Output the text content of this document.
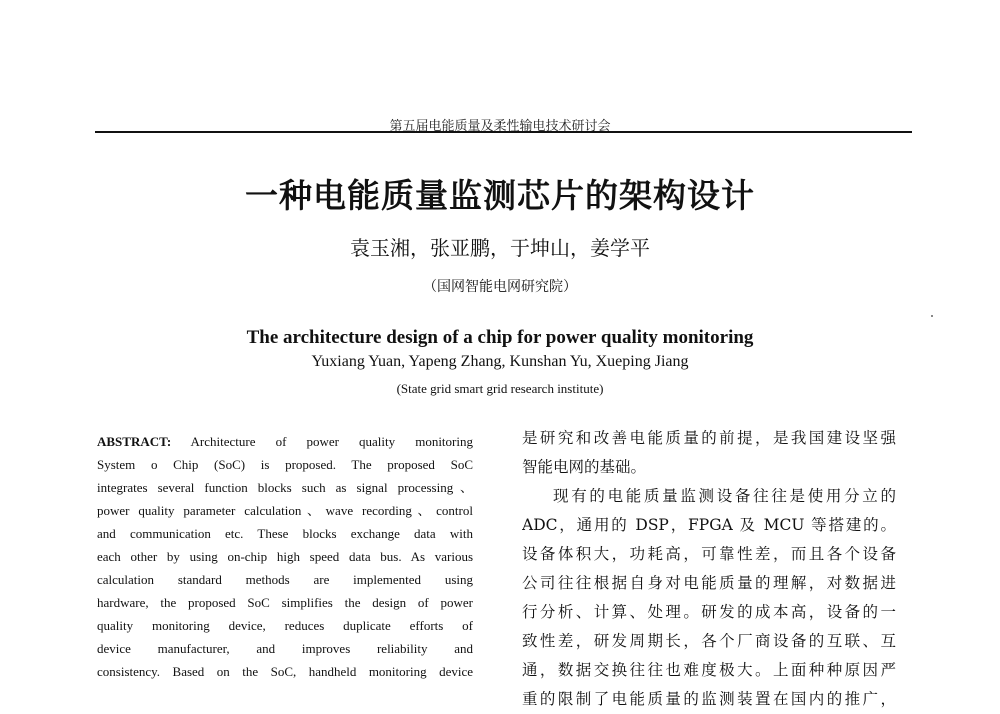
第五届电能质量及柔性输电技术研讨会
一种电能质量监测芯片的架构设计
袁玉湘，张亚鹏，于坤山，姜学平
（国网智能电网研究院）
The architecture design of a chip for power quality monitoring
Yuxiang Yuan, Yapeng Zhang, Kunshan Yu, Xueping Jiang
(State grid smart grid research institute)
ABSTRACT: Architecture of power quality monitoring
System o Chip (SoC) is proposed. The proposed SoC
integrates several function blocks such as signal processing、
power quality parameter calculation、wave recording、control
and communication etc. These blocks exchange data with
each other by using on-chip high speed data bus. As various
calculation standard methods are implemented using
hardware, the proposed SoC simplifies the design of power
quality monitoring device, reduces duplicate efforts of
device manufacturer, and improves reliability and
consistency. Based on the SoC, handheld monitoring device
是研究和改善电能质量的前提，是我国建设坚强
智能电网的基础。
现有的电能质量监测设备往往是使用分立的
ADC，通用的 DSP，FPGA 及 MCU 等搭建的。
设备体积大，功耗高，可靠性差，而且各个设备
公司往往根据自身对电能质量的理解，对数据进
行分析、计算、处理。研发的成本高，设备的一
致性差，研发周期长，各个厂商设备的互联、互
通，数据交换往往也难度极大。上面种种原因严
重的限制了电能质量的监测装置在国内的推广，
